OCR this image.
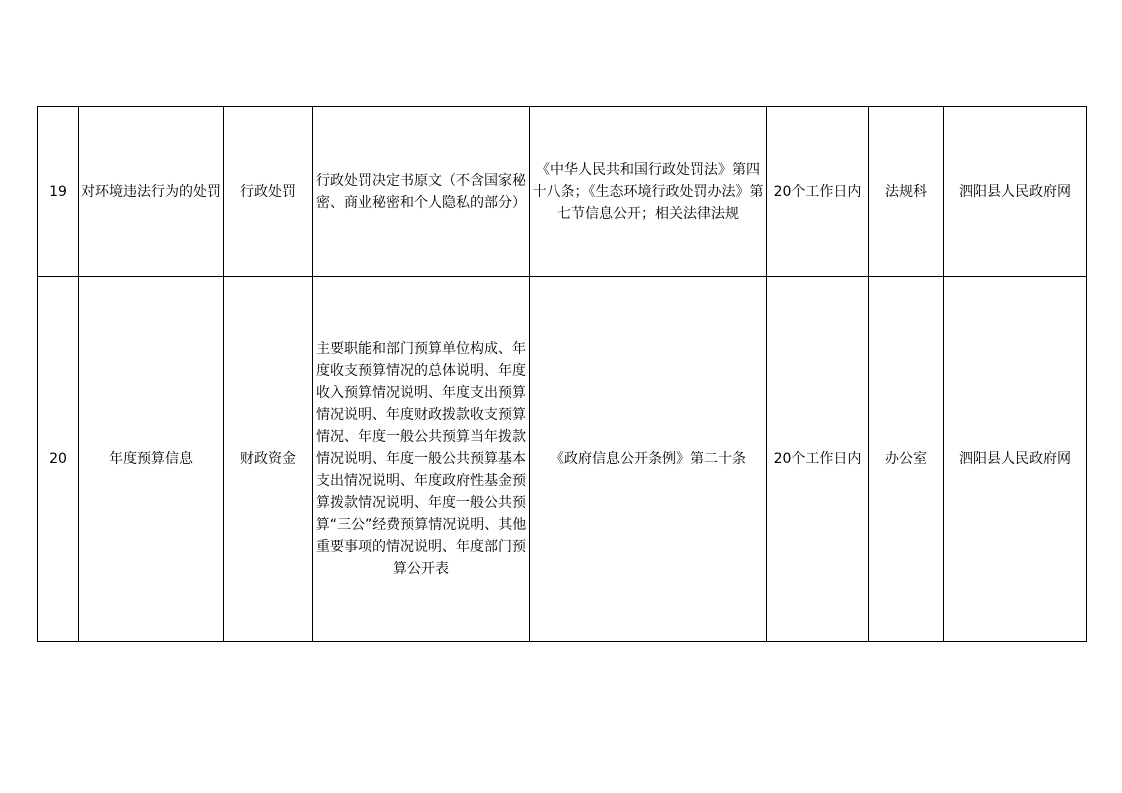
19	对环境违法行为的处罚	行政处罚	行政处罚决定书原文（不含国家秘密、商业秘密和个人隐私的部分）	《中华人民共和国行政处罚法》第四十八条；《生态环境行政处罚办法》第七节信息公开；相关法律法规	20个工作日内	法规科	泗阳县人民政府网
20	年度预算信息	财政资金	主要职能和部门预算单位构成、年度收支预算情况的总体说明、年度收入预算情况说明、年度支出预算情况说明、年度财政拨款收支预算情况、年度一般公共预算当年拨款情况说明、年度一般公共预算基本支出情况说明、年度政府性基金预算拨款情况说明、年度一般公共预算“三公”经费预算情况说明、其他重要事项的情况说明、年度部门预算公开表	《政府信息公开条例》第二十条	20个工作日内	办公室	泗阳县人民政府网
